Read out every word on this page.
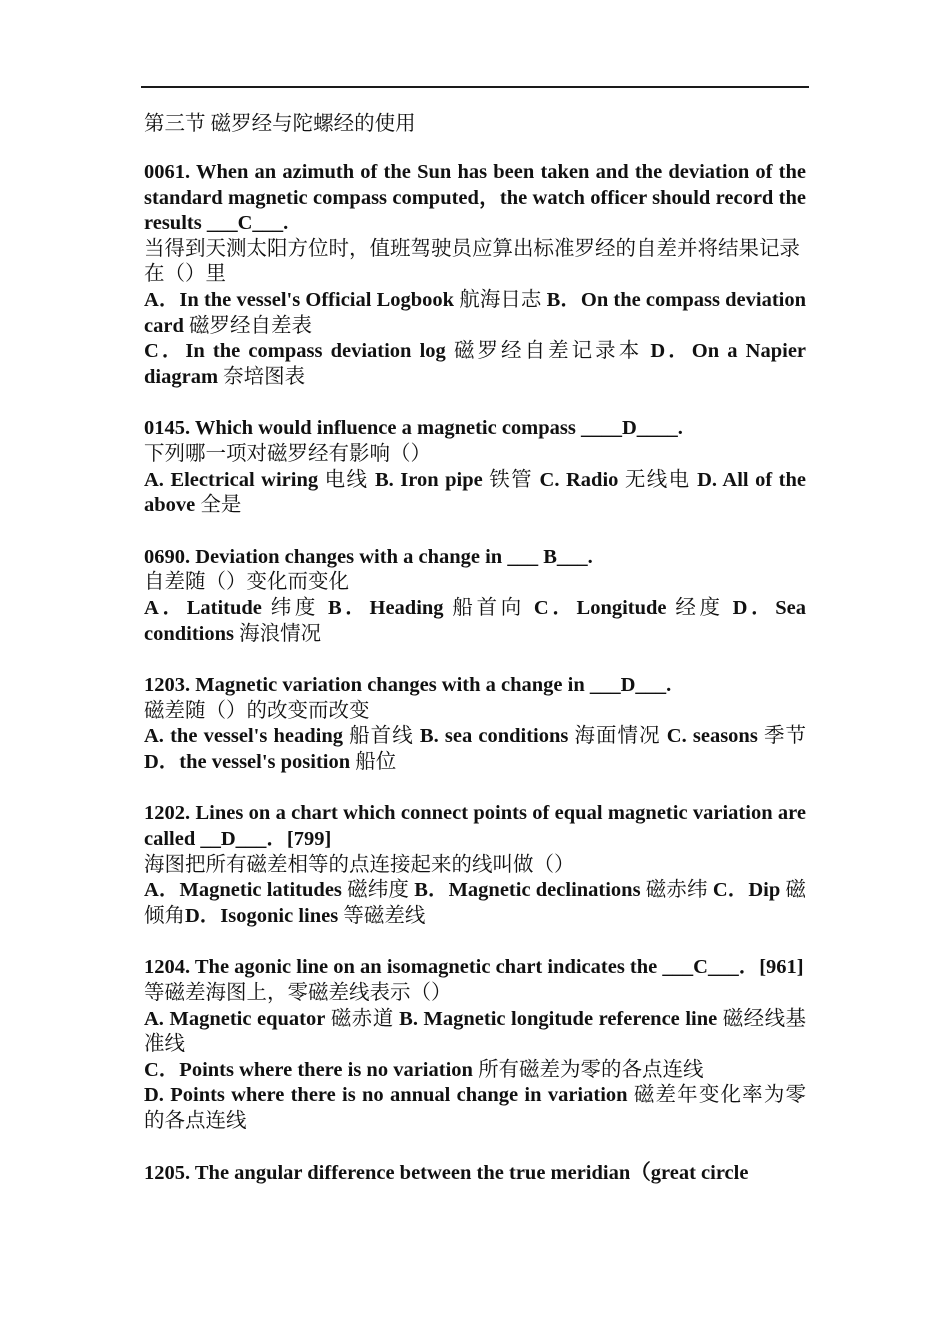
第三节 磁罗经与陀螺经的使用

0061. When an azimuth of the Sun has been taken and the deviation of the standard magnetic compass computed，the watch officer should record the results ___C___.

当得到天测太阳方位时，值班驾驶员应算出标准罗经的自差并将结果记录在（）里

A．In the vessel's Official Logbook 航海日志 B．On the compass deviation card 磁罗经自差表

C．In the compass deviation log 磁罗经自差记录本 D．On a Napier diagram 奈培图表

0145. Which would influence a magnetic compass ____D____.

下列哪一项对磁罗经有影响（）

A. Electrical wiring 电线 B. Iron pipe 铁管 C. Radio 无线电 D. All of the above 全是

0690. Deviation changes with a change in ___ B___.

自差随（）变化而变化

A．Latitude 纬度 B．Heading 船首向 C．Longitude 经度 D．Sea conditions 海浪情况

1203. Magnetic variation changes with a change in ___D___.

磁差随（）的改变而改变

A. the vessel's heading 船首线 B. sea conditions 海面情况 C. seasons 季节 D．the vessel's position 船位

1202. Lines on a chart which connect points of equal magnetic variation are called __D___．[799]

海图把所有磁差相等的点连接起来的线叫做（）

A．Magnetic latitudes 磁纬度 B．Magnetic declinations 磁赤纬 C．Dip 磁倾角D．Isogonic lines 等磁差线

1204. The agonic line on an isomagnetic chart indicates the ___C___．[961]

等磁差海图上，零磁差线表示（）

A. Magnetic equator 磁赤道 B. Magnetic longitude reference line 磁经线基准线

C．Points where there is no variation 所有磁差为零的各点连线

D. Points where there is no annual change in variation 磁差年变化率为零的各点连线

1205. The angular difference between the true meridian（great circle
